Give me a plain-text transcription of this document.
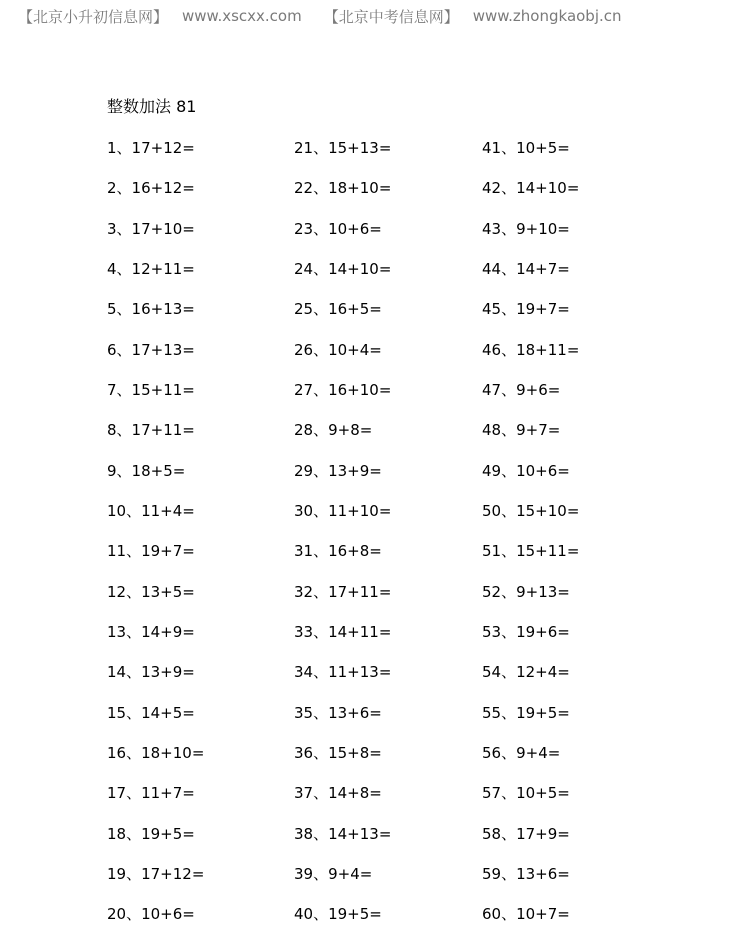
【北京小升初信息网】 www.xscxx.com 【北京中考信息网】 www.zhongkaobj.cn
整数加法 81
1、17+12=
2、16+12=
3、17+10=
4、12+11=
5、16+13=
6、17+13=
7、15+11=
8、17+11=
9、18+5=
10、11+4=
11、19+7=
12、13+5=
13、14+9=
14、13+9=
15、14+5=
16、18+10=
17、11+7=
18、19+5=
19、17+12=
20、10+6=
21、15+13=
22、18+10=
23、10+6=
24、14+10=
25、16+5=
26、10+4=
27、16+10=
28、9+8=
29、13+9=
30、11+10=
31、16+8=
32、17+11=
33、14+11=
34、11+13=
35、13+6=
36、15+8=
37、14+8=
38、14+13=
39、9+4=
40、19+5=
41、10+5=
42、14+10=
43、9+10=
44、14+7=
45、19+7=
46、18+11=
47、9+6=
48、9+7=
49、10+6=
50、15+10=
51、15+11=
52、9+13=
53、19+6=
54、12+4=
55、19+5=
56、9+4=
57、10+5=
58、17+9=
59、13+6=
60、10+7=
